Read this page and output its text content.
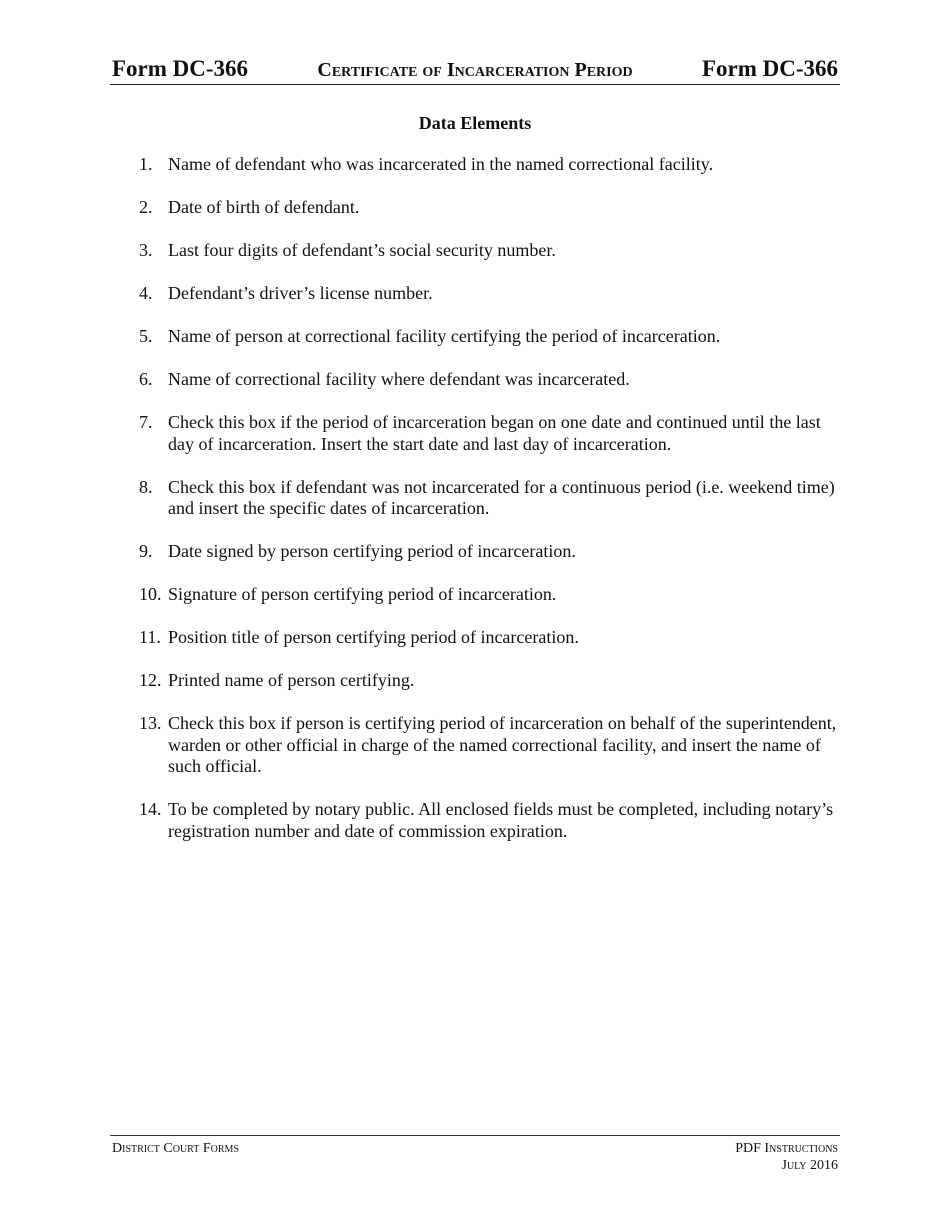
Form DC-366	Certificate of Incarceration Period	Form DC-366
Data Elements
1. Name of defendant who was incarcerated in the named correctional facility.
2. Date of birth of defendant.
3. Last four digits of defendant’s social security number.
4. Defendant’s driver’s license number.
5. Name of person at correctional facility certifying the period of incarceration.
6. Name of correctional facility where defendant was incarcerated.
7. Check this box if the period of incarceration began on one date and continued until the last day of incarceration. Insert the start date and last day of incarceration.
8. Check this box if defendant was not incarcerated for a continuous period (i.e. weekend time) and insert the specific dates of incarceration.
9. Date signed by person certifying period of incarceration.
10. Signature of person certifying period of incarceration.
11. Position title of person certifying period of incarceration.
12. Printed name of person certifying.
13. Check this box if person is certifying period of incarceration on behalf of the superintendent, warden or other official in charge of the named correctional facility, and insert the name of such official.
14. To be completed by notary public. All enclosed fields must be completed, including notary’s registration number and date of commission expiration.
District Court Forms	PDF Instructions
July 2016
